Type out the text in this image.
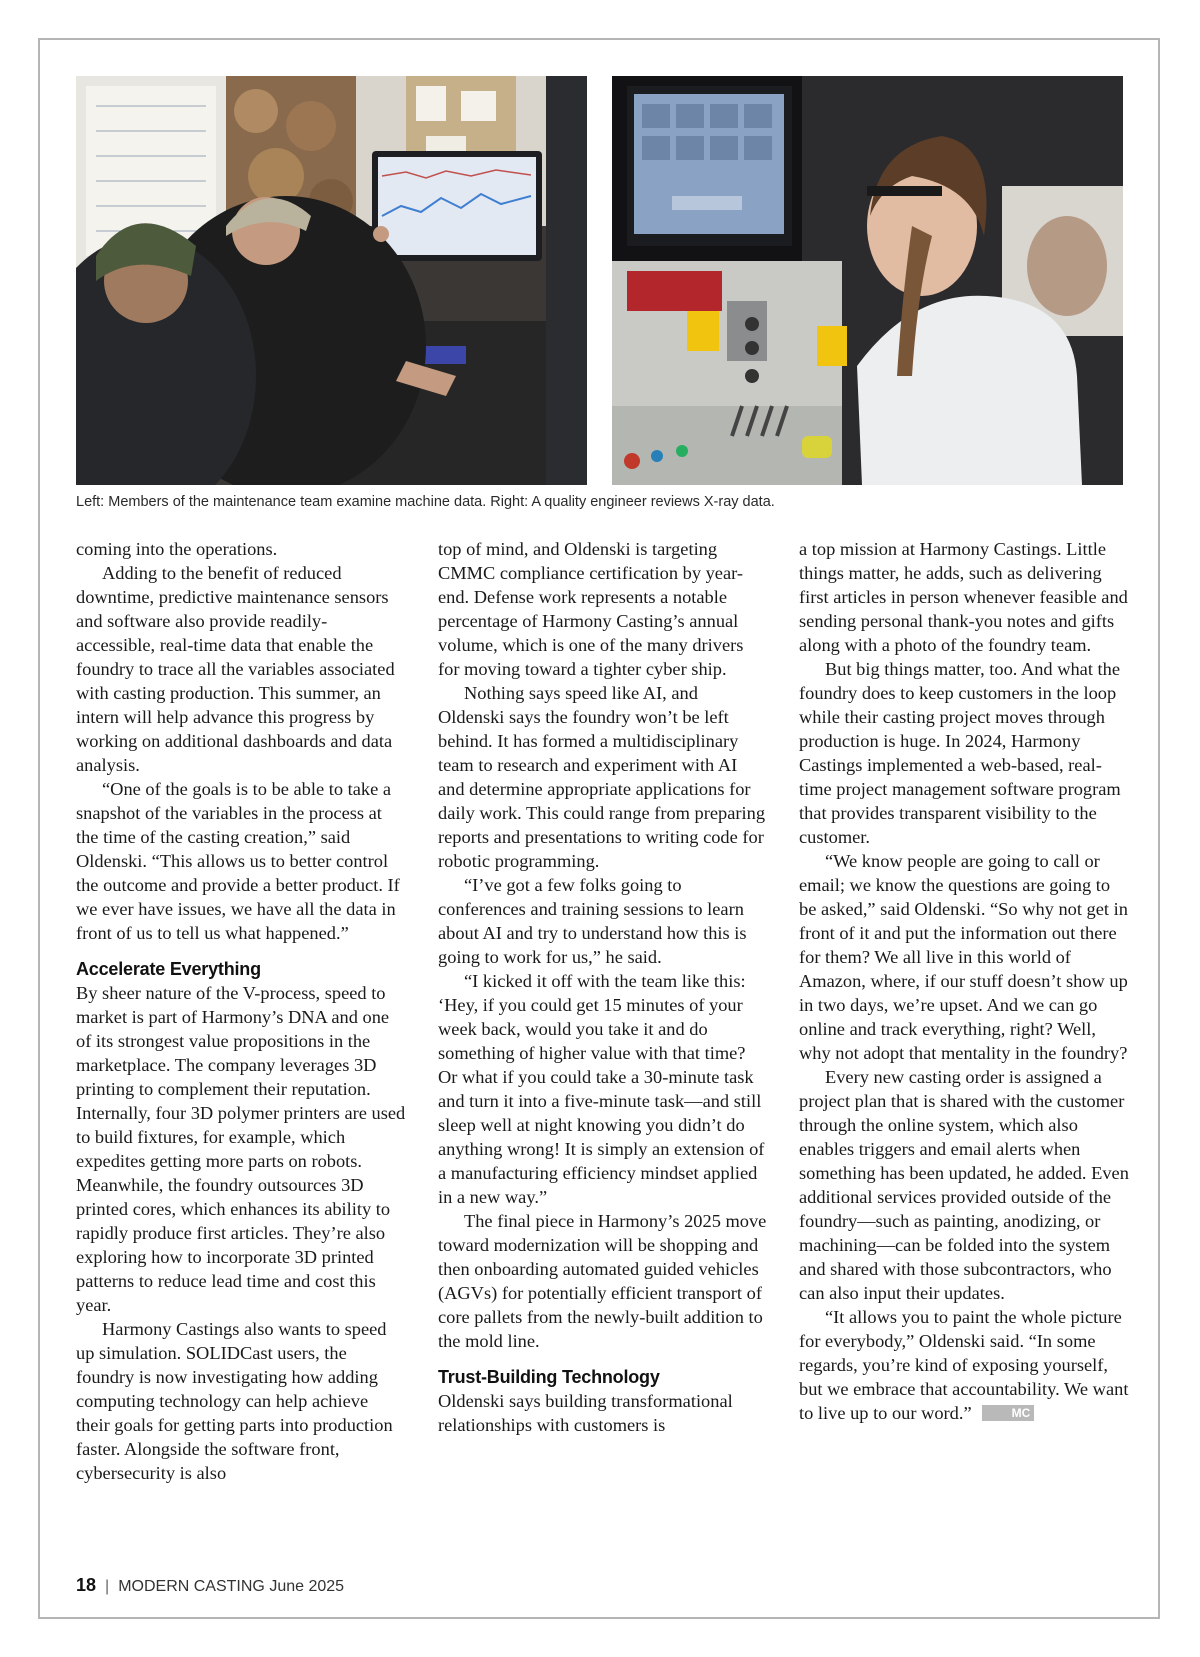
Left: Members of the maintenance team examine machine data. Right: A quality engineer reviews X-ray data.

coming into the operations.

Adding to the benefit of reduced downtime, predictive maintenance sensors and software also provide readily-accessible, real-time data that enable the foundry to trace all the variables associated with casting production. This summer, an intern will help advance this progress by working on additional dashboards and data analysis.

“One of the goals is to be able to take a snapshot of the variables in the process at the time of the casting creation,” said Oldenski. “This allows us to better control the outcome and provide a better product. If we ever have issues, we have all the data in front of us to tell us what happened.”

Accelerate Everything

By sheer nature of the V-process, speed to market is part of Harmony’s DNA and one of its strongest value propositions in the marketplace. The company leverages 3D printing to complement their reputation. Internally, four 3D polymer printers are used to build fixtures, for example, which expedites getting more parts on robots. Meanwhile, the foundry outsources 3D printed cores, which enhances its ability to rapidly produce first articles. They’re also exploring how to incorporate 3D printed patterns to reduce lead time and cost this year.

Harmony Castings also wants to speed up simulation. SOLIDCast users, the foundry is now investigating how adding computing technology can help achieve their goals for getting parts into production faster. Alongside the software front, cybersecurity is also

top of mind, and Oldenski is targeting CMMC compliance certification by year-end. Defense work represents a notable percentage of Harmony Casting’s annual volume, which is one of the many drivers for moving toward a tighter cyber ship.

Nothing says speed like AI, and Oldenski says the foundry won’t be left behind. It has formed a multidisciplinary team to research and experiment with AI and determine appropriate applications for daily work. This could range from preparing reports and presentations to writing code for robotic programming.

“I’ve got a few folks going to conferences and training sessions to learn about AI and try to understand how this is going to work for us,” he said.

“I kicked it off with the team like this: ‘Hey, if you could get 15 minutes of your week back, would you take it and do something of higher value with that time? Or what if you could take a 30-minute task and turn it into a five-minute task—and still sleep well at night knowing you didn’t do anything wrong! It is simply an extension of a manufacturing efficiency mindset applied in a new way.”

The final piece in Harmony’s 2025 move toward modernization will be shopping and then onboarding automated guided vehicles (AGVs) for potentially efficient transport of core pallets from the newly-built addition to the mold line.

Trust-Building Technology

Oldenski says building transformational relationships with customers is

a top mission at Harmony Castings. Little things matter, he adds, such as delivering first articles in person whenever feasible and sending personal thank-you notes and gifts along with a photo of the foundry team.

But big things matter, too. And what the foundry does to keep customers in the loop while their casting project moves through production is huge. In 2024, Harmony Castings implemented a web-based, real-time project management software program that provides transparent visibility to the customer.

“We know people are going to call or email; we know the questions are going to be asked,” said Oldenski. “So why not get in front of it and put the information out there for them? We all live in this world of Amazon, where, if our stuff doesn’t show up in two days, we’re upset. And we can go online and track everything, right? Well, why not adopt that mentality in the foundry?

Every new casting order is assigned a project plan that is shared with the customer through the online system, which also enables triggers and email alerts when something has been updated, he added. Even additional services provided outside of the foundry—such as painting, anodizing, or machining—can be folded into the system and shared with those subcontractors, who can also input their updates.

“It allows you to paint the whole picture for everybody,” Oldenski said. “In some regards, you’re kind of exposing yourself, but we embrace that accountability. We want to live up to our word.”	MC

18 | MODERN CASTING June 2025
